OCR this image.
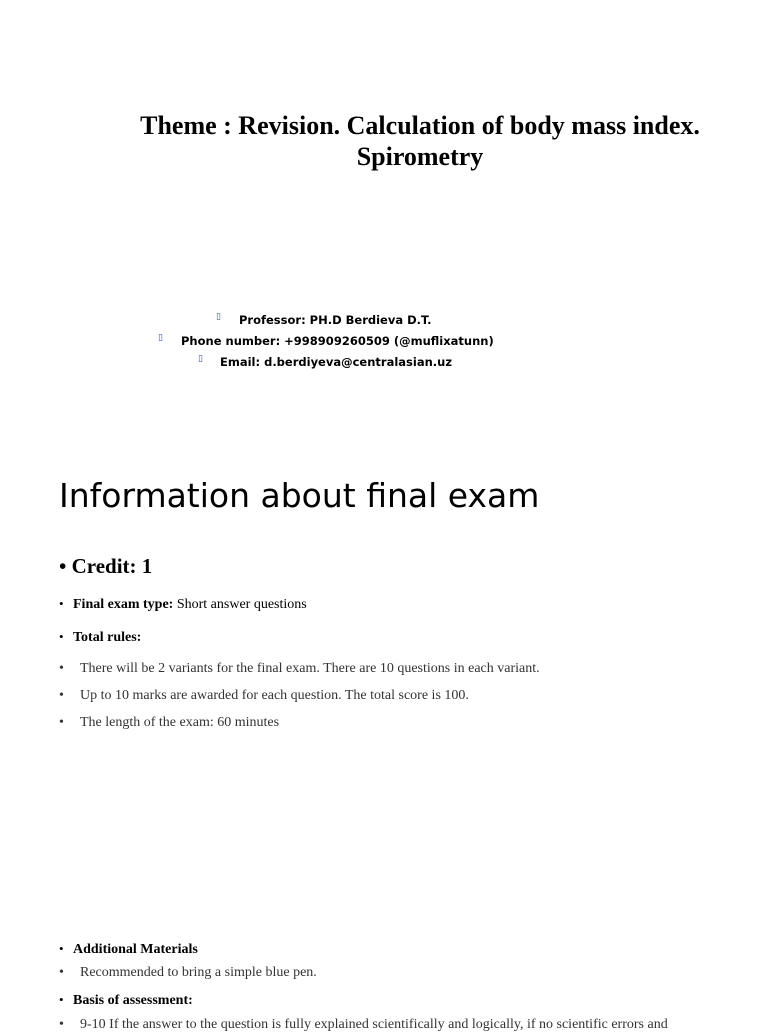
Theme : Revision. Calculation of body mass index. Spirometry
▯ Professor: PH.D Berdieva D.T.
▯ Phone number: +998909260509 (@muflixatunn)
▯ Email: d.berdiyeva@centralasian.uz
Information about final exam
• Credit: 1
• Final exam type: Short answer questions
• Total rules:
• There will be 2 variants for the final exam. There are 10 questions in each variant.
• Up to 10 marks are awarded for each question. The total score is 100.
• The length of the exam: 60 minutes
• Additional Materials
• Recommended to bring a simple blue pen.
• Basis of assessment:
• 9-10 If the answer to the question is fully explained scientifically and logically, if no scientific errors and
